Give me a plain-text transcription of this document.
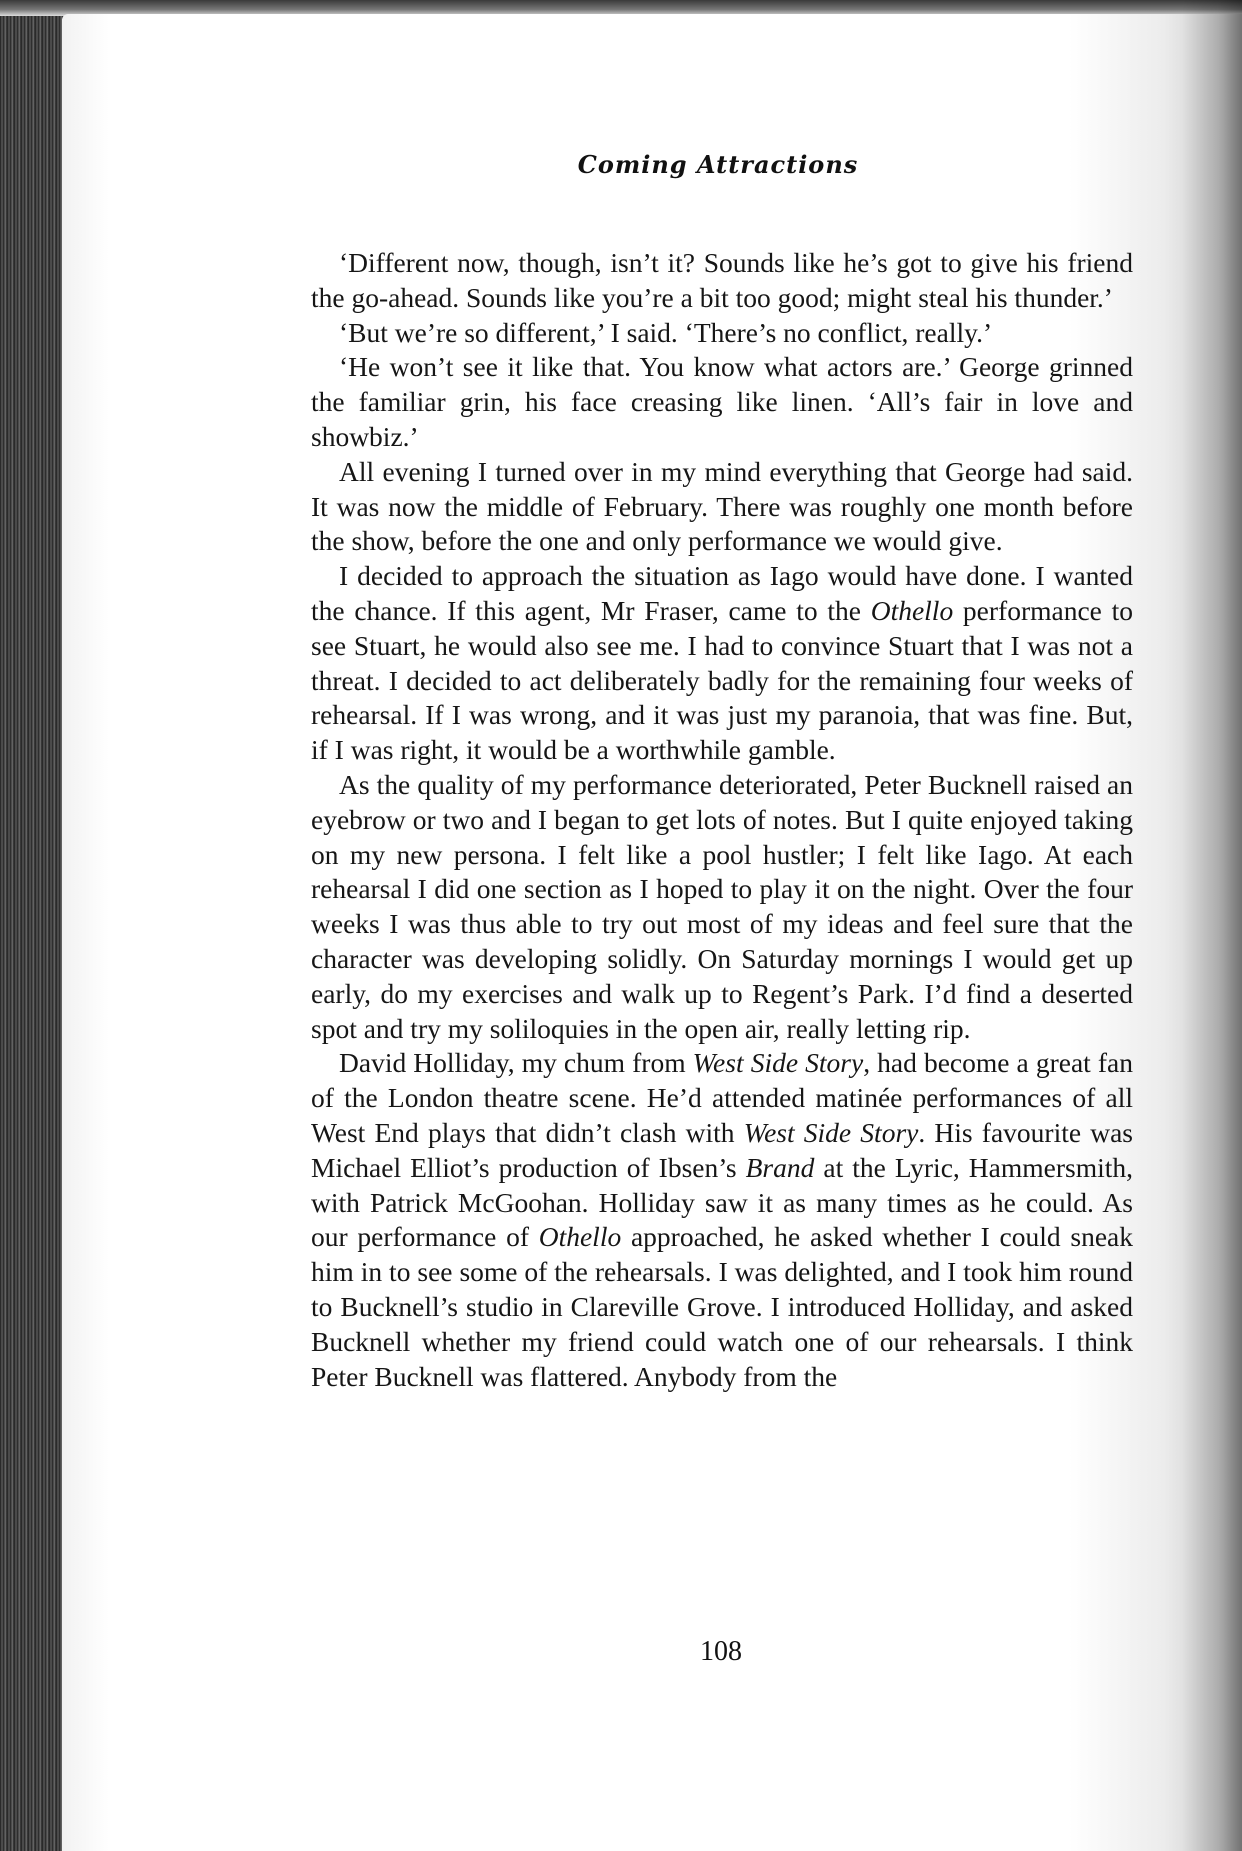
Coming Attractions

‘Different now, though, isn’t it? Sounds like he’s got to give his friend the go-ahead. Sounds like you’re a bit too good; might steal his thunder.’

‘But we’re so different,’ I said. ‘There’s no conflict, really.’

‘He won’t see it like that. You know what actors are.’ George grinned the familiar grin, his face creasing like linen. ‘All’s fair in love and showbiz.’

All evening I turned over in my mind everything that George had said. It was now the middle of February. There was roughly one month before the show, before the one and only performance we would give.

I decided to approach the situation as Iago would have done. I wanted the chance. If this agent, Mr Fraser, came to the Othello performance to see Stuart, he would also see me. I had to convince Stuart that I was not a threat. I decided to act deliberately badly for the remaining four weeks of rehearsal. If I was wrong, and it was just my paranoia, that was fine. But, if I was right, it would be a worthwhile gamble.

As the quality of my performance deteriorated, Peter Bucknell raised an eyebrow or two and I began to get lots of notes. But I quite enjoyed taking on my new persona. I felt like a pool hustler; I felt like Iago. At each rehearsal I did one section as I hoped to play it on the night. Over the four weeks I was thus able to try out most of my ideas and feel sure that the character was developing solidly. On Saturday mornings I would get up early, do my exercises and walk up to Regent’s Park. I’d find a deserted spot and try my soliloquies in the open air, really letting rip.

David Holliday, my chum from West Side Story, had become a great fan of the London theatre scene. He’d attended matinée performances of all West End plays that didn’t clash with West Side Story. His favourite was Michael Elliot’s production of Ibsen’s Brand at the Lyric, Hammersmith, with Patrick McGoohan. Holliday saw it as many times as he could. As our performance of Othello approached, he asked whether I could sneak him in to see some of the rehearsals. I was delighted, and I took him round to Bucknell’s studio in Clareville Grove. I introduced Holliday, and asked Bucknell whether my friend could watch one of our rehearsals. I think Peter Bucknell was flattered. Anybody from the

108
